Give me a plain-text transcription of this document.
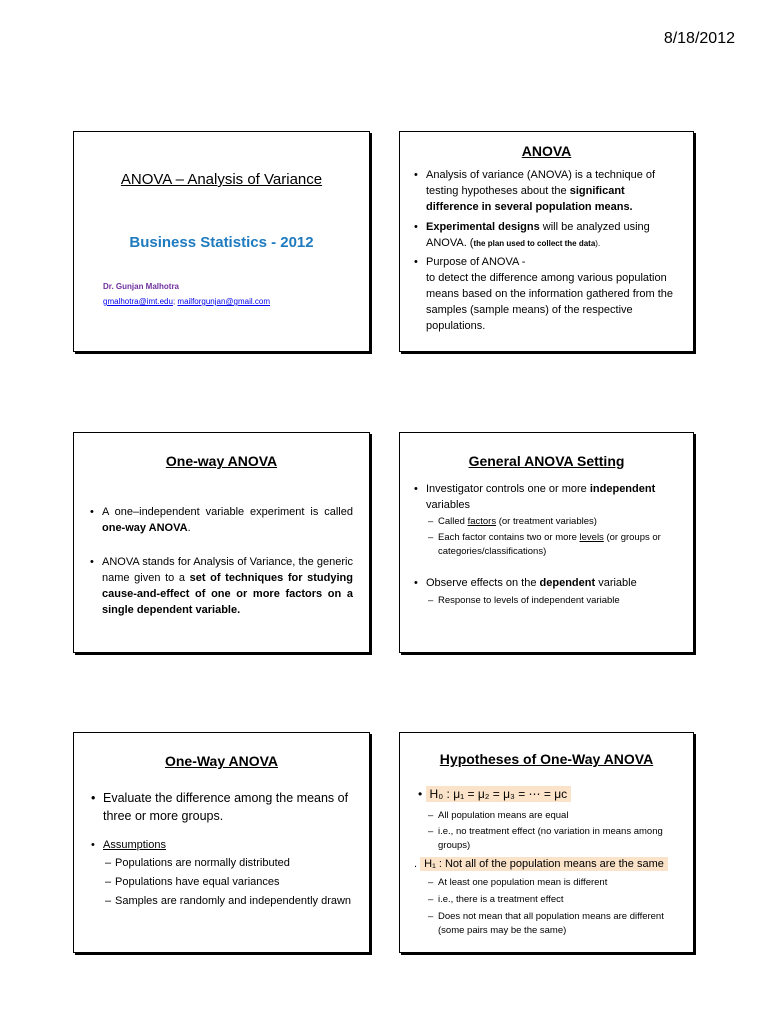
8/18/2012
ANOVA – Analysis of Variance
Business Statistics - 2012
Dr. Gunjan Malhotra
gmalhotra@imt.edu; mailforgunjan@gmail.com
ANOVA
• Analysis of variance (ANOVA) is a technique of testing hypotheses about the significant difference in several population means.
• Experimental designs will be analyzed using ANOVA. (the plan used to collect the data).
• Purpose of ANOVA -
to detect the difference among various population means based on the information gathered from the samples (sample means) of the respective populations.
One-way ANOVA
• A one–independent variable experiment is called one-way ANOVA.
• ANOVA stands for Analysis of Variance, the generic name given to a set of techniques for studying cause-and-effect of one or more factors on a single dependent variable.
General ANOVA Setting
• Investigator controls one or more independent variables
– Called factors (or treatment variables)
– Each factor contains two or more levels (or groups or categories/classifications)
• Observe effects on the dependent variable
– Response to levels of independent variable
One-Way ANOVA
• Evaluate the difference among the means of three or more groups.
• Assumptions
– Populations are normally distributed
– Populations have equal variances
– Samples are randomly and independently drawn
Hypotheses of One-Way ANOVA
• H₀ : μ₁ = μ₂ = μ₃ = ⋯ = μc
– All population means are equal
– i.e., no treatment effect (no variation in means among groups)
. H₁ : Not all of the population means are the same
– At least one population mean is different
– i.e., there is a treatment effect
– Does not mean that all population means are different (some pairs may be the same)
